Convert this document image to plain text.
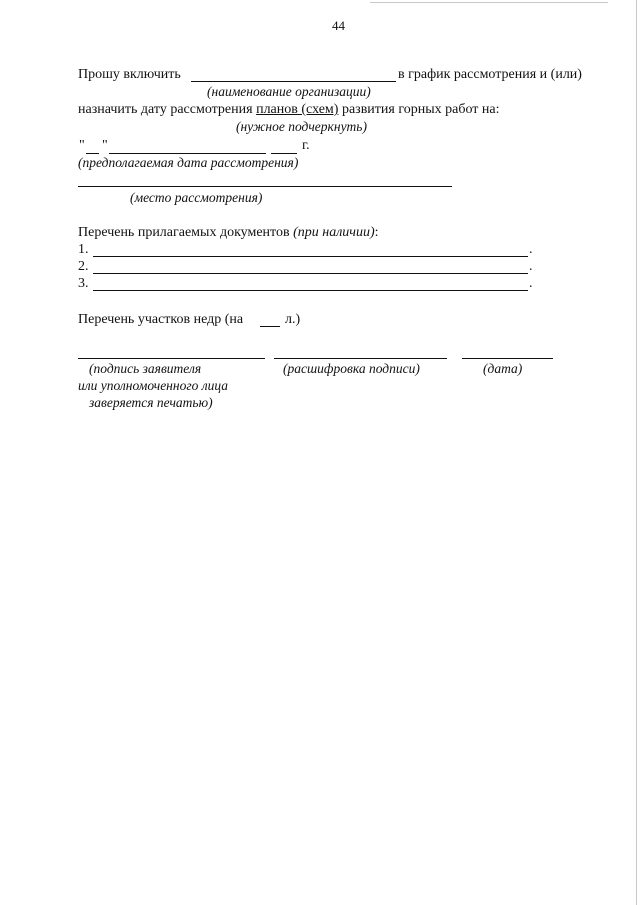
44
Прошу включить	в график рассмотрения и (или)
(наименование организации)
назначить дату рассмотрения планов (схем) развития горных работ на:
(нужное подчеркнуть)
" "	г.
(предполагаемая дата рассмотрения)
(место рассмотрения)
Перечень прилагаемых документов (при наличии):
1.	.
2.	.
3.	.
Перечень участков недр (на	л.)
(подпись заявителя
или уполномоченного лица
заверяется печатью)
(расшифровка подписи)	(дата)
